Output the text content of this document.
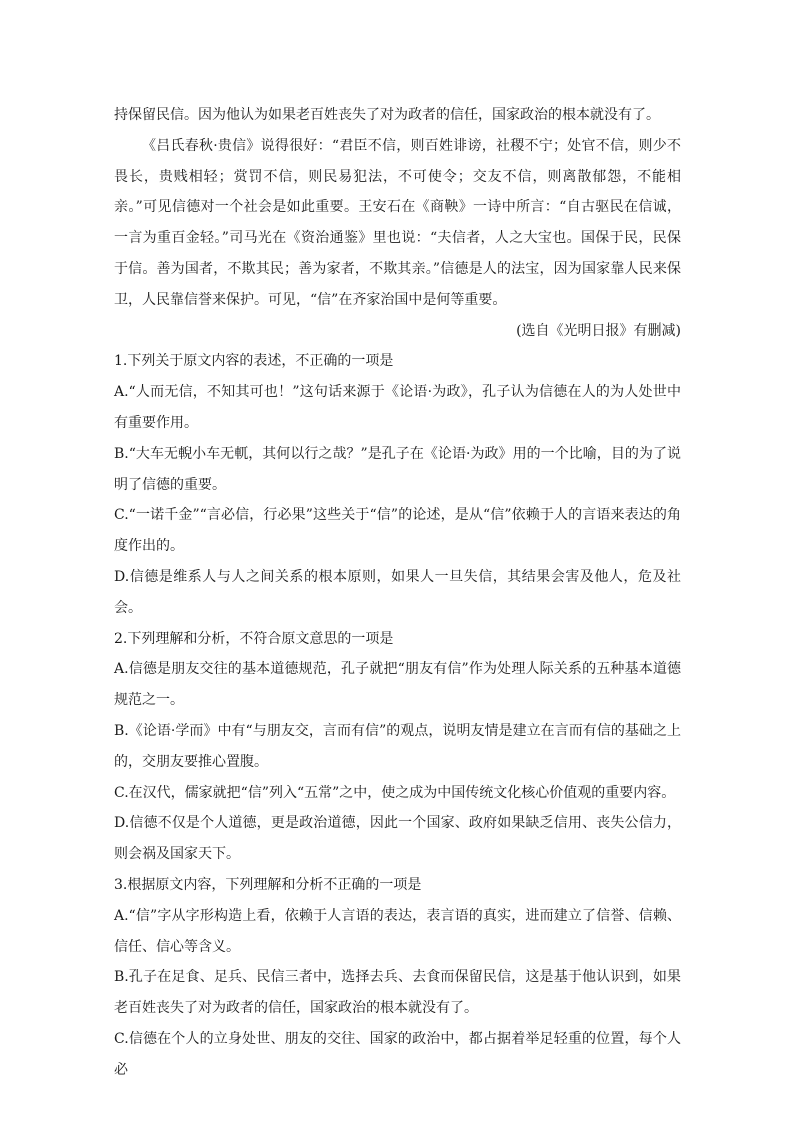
持保留民信。因为他认为如果老百姓丧失了对为政者的信任，国家政治的根本就没有了。

《吕氏春秋·贵信》说得很好：“君臣不信，则百姓诽谤，社稷不宁；处官不信，则少不畏长，贵贱相轻；赏罚不信，则民易犯法，不可使令；交友不信，则离散郁怨，不能相亲。”可见信德对一个社会是如此重要。王安石在《商鞅》一诗中所言：“自古驱民在信诚，一言为重百金轻。”司马光在《资治通鉴》里也说：“夫信者，人之大宝也。国保于民，民保于信。善为国者，不欺其民；善为家者，不欺其亲。”信德是人的法宝，因为国家靠人民来保卫，人民靠信誉来保护。可见，“信”在齐家治国中是何等重要。

(选自《光明日报》有删减)

1.下列关于原文内容的表述，不正确的一项是

A.“人而无信，不知其可也！”这句话来源于《论语·为政》，孔子认为信德在人的为人处世中有重要作用。

B.“大车无輗小车无軏，其何以行之哉？”是孔子在《论语·为政》用的一个比喻，目的为了说明了信德的重要。

C.“一诺千金”“言必信，行必果”这些关于“信”的论述，是从“信”依赖于人的言语来表达的角度作出的。

D.信德是维系人与人之间关系的根本原则，如果人一旦失信，其结果会害及他人，危及社会。

2.下列理解和分析，不符合原文意思的一项是

A.信德是朋友交往的基本道德规范，孔子就把“朋友有信”作为处理人际关系的五种基本道德规范之一。

B.《论语·学而》中有“与朋友交，言而有信”的观点，说明友情是建立在言而有信的基础之上的，交朋友要推心置腹。

C.在汉代，儒家就把“信”列入“五常”之中，使之成为中国传统文化核心价值观的重要内容。

D.信德不仅是个人道德，更是政治道德，因此一个国家、政府如果缺乏信用、丧失公信力，则会祸及国家天下。

3.根据原文内容，下列理解和分析不正确的一项是

A.“信”字从字形构造上看，依赖于人言语的表达，表言语的真实，进而建立了信誉、信赖、信任、信心等含义。

B.孔子在足食、足兵、民信三者中，选择去兵、去食而保留民信，这是基于他认识到，如果老百姓丧失了对为政者的信任，国家政治的根本就没有了。

C.信德在个人的立身处世、朋友的交往、国家的政治中，都占据着举足轻重的位置，每个人必
